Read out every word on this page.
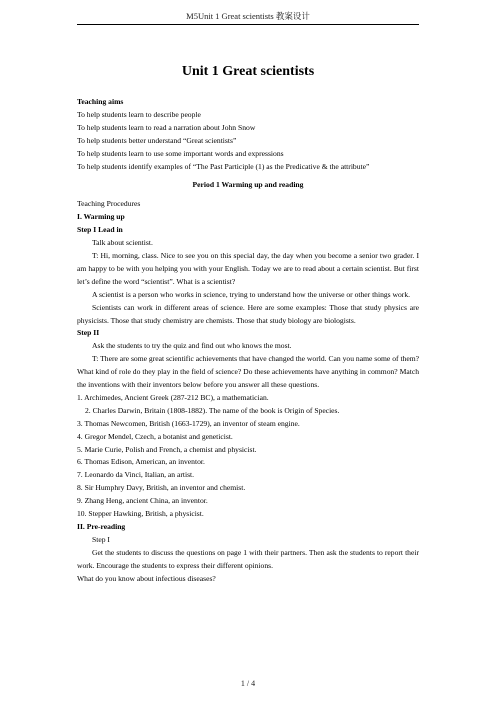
M5Unit 1 Great scientists 教案设计
Unit 1 Great scientists

Teaching aims

To help students learn to describe people

To help students learn to read a narration about John Snow

To help students better understand “Great scientists”

To help students learn to use some important words and expressions

To help students identify examples of “The Past Participle (1) as the Predicative & the attribute”

Period 1 Warming up and reading

Teaching Procedures

I. Warming up

Step I Lead in

Talk about scientist.

T: Hi, morning, class. Nice to see you on this special day, the day when you become a senior two grader. I am happy to be with you helping you with your English. Today we are to read about a certain scientist. But first let’s define the word “scientist”. What is a scientist?

A scientist is a person who works in science, trying to understand how the universe or other things work.

Scientists can work in different areas of science. Here are some examples: Those that study physics are physicists. Those that study chemistry are chemists. Those that study biology are biologists.

Step II

Ask the students to try the quiz and find out who knows the most.

T: There are some great scientific achievements that have changed the world. Can you name some of them? What kind of role do they play in the field of science? Do these achievements have anything in common? Match the inventions with their inventors below before you answer all these questions.

1. Archimedes, Ancient Greek (287-212 BC), a mathematician.

2. Charles Darwin, Britain (1808-1882). The name of the book is Origin of Species.

3. Thomas Newcomen, British (1663-1729), an inventor of steam engine.

4. Gregor Mendel, Czech, a botanist and geneticist.

5. Marie Curie, Polish and French, a chemist and physicist.

6. Thomas Edison, American, an inventor.

7. Leonardo da Vinci, Italian, an artist.

8. Sir Humphry Davy, British, an inventor and chemist.

9. Zhang Heng, ancient China, an inventor.

10. Stepper Hawking, British, a physicist.

II. Pre-reading

Step I

Get the students to discuss the questions on page 1 with their partners. Then ask the students to report their work. Encourage the students to express their different opinions.

What do you know about infectious diseases?

1 / 4
